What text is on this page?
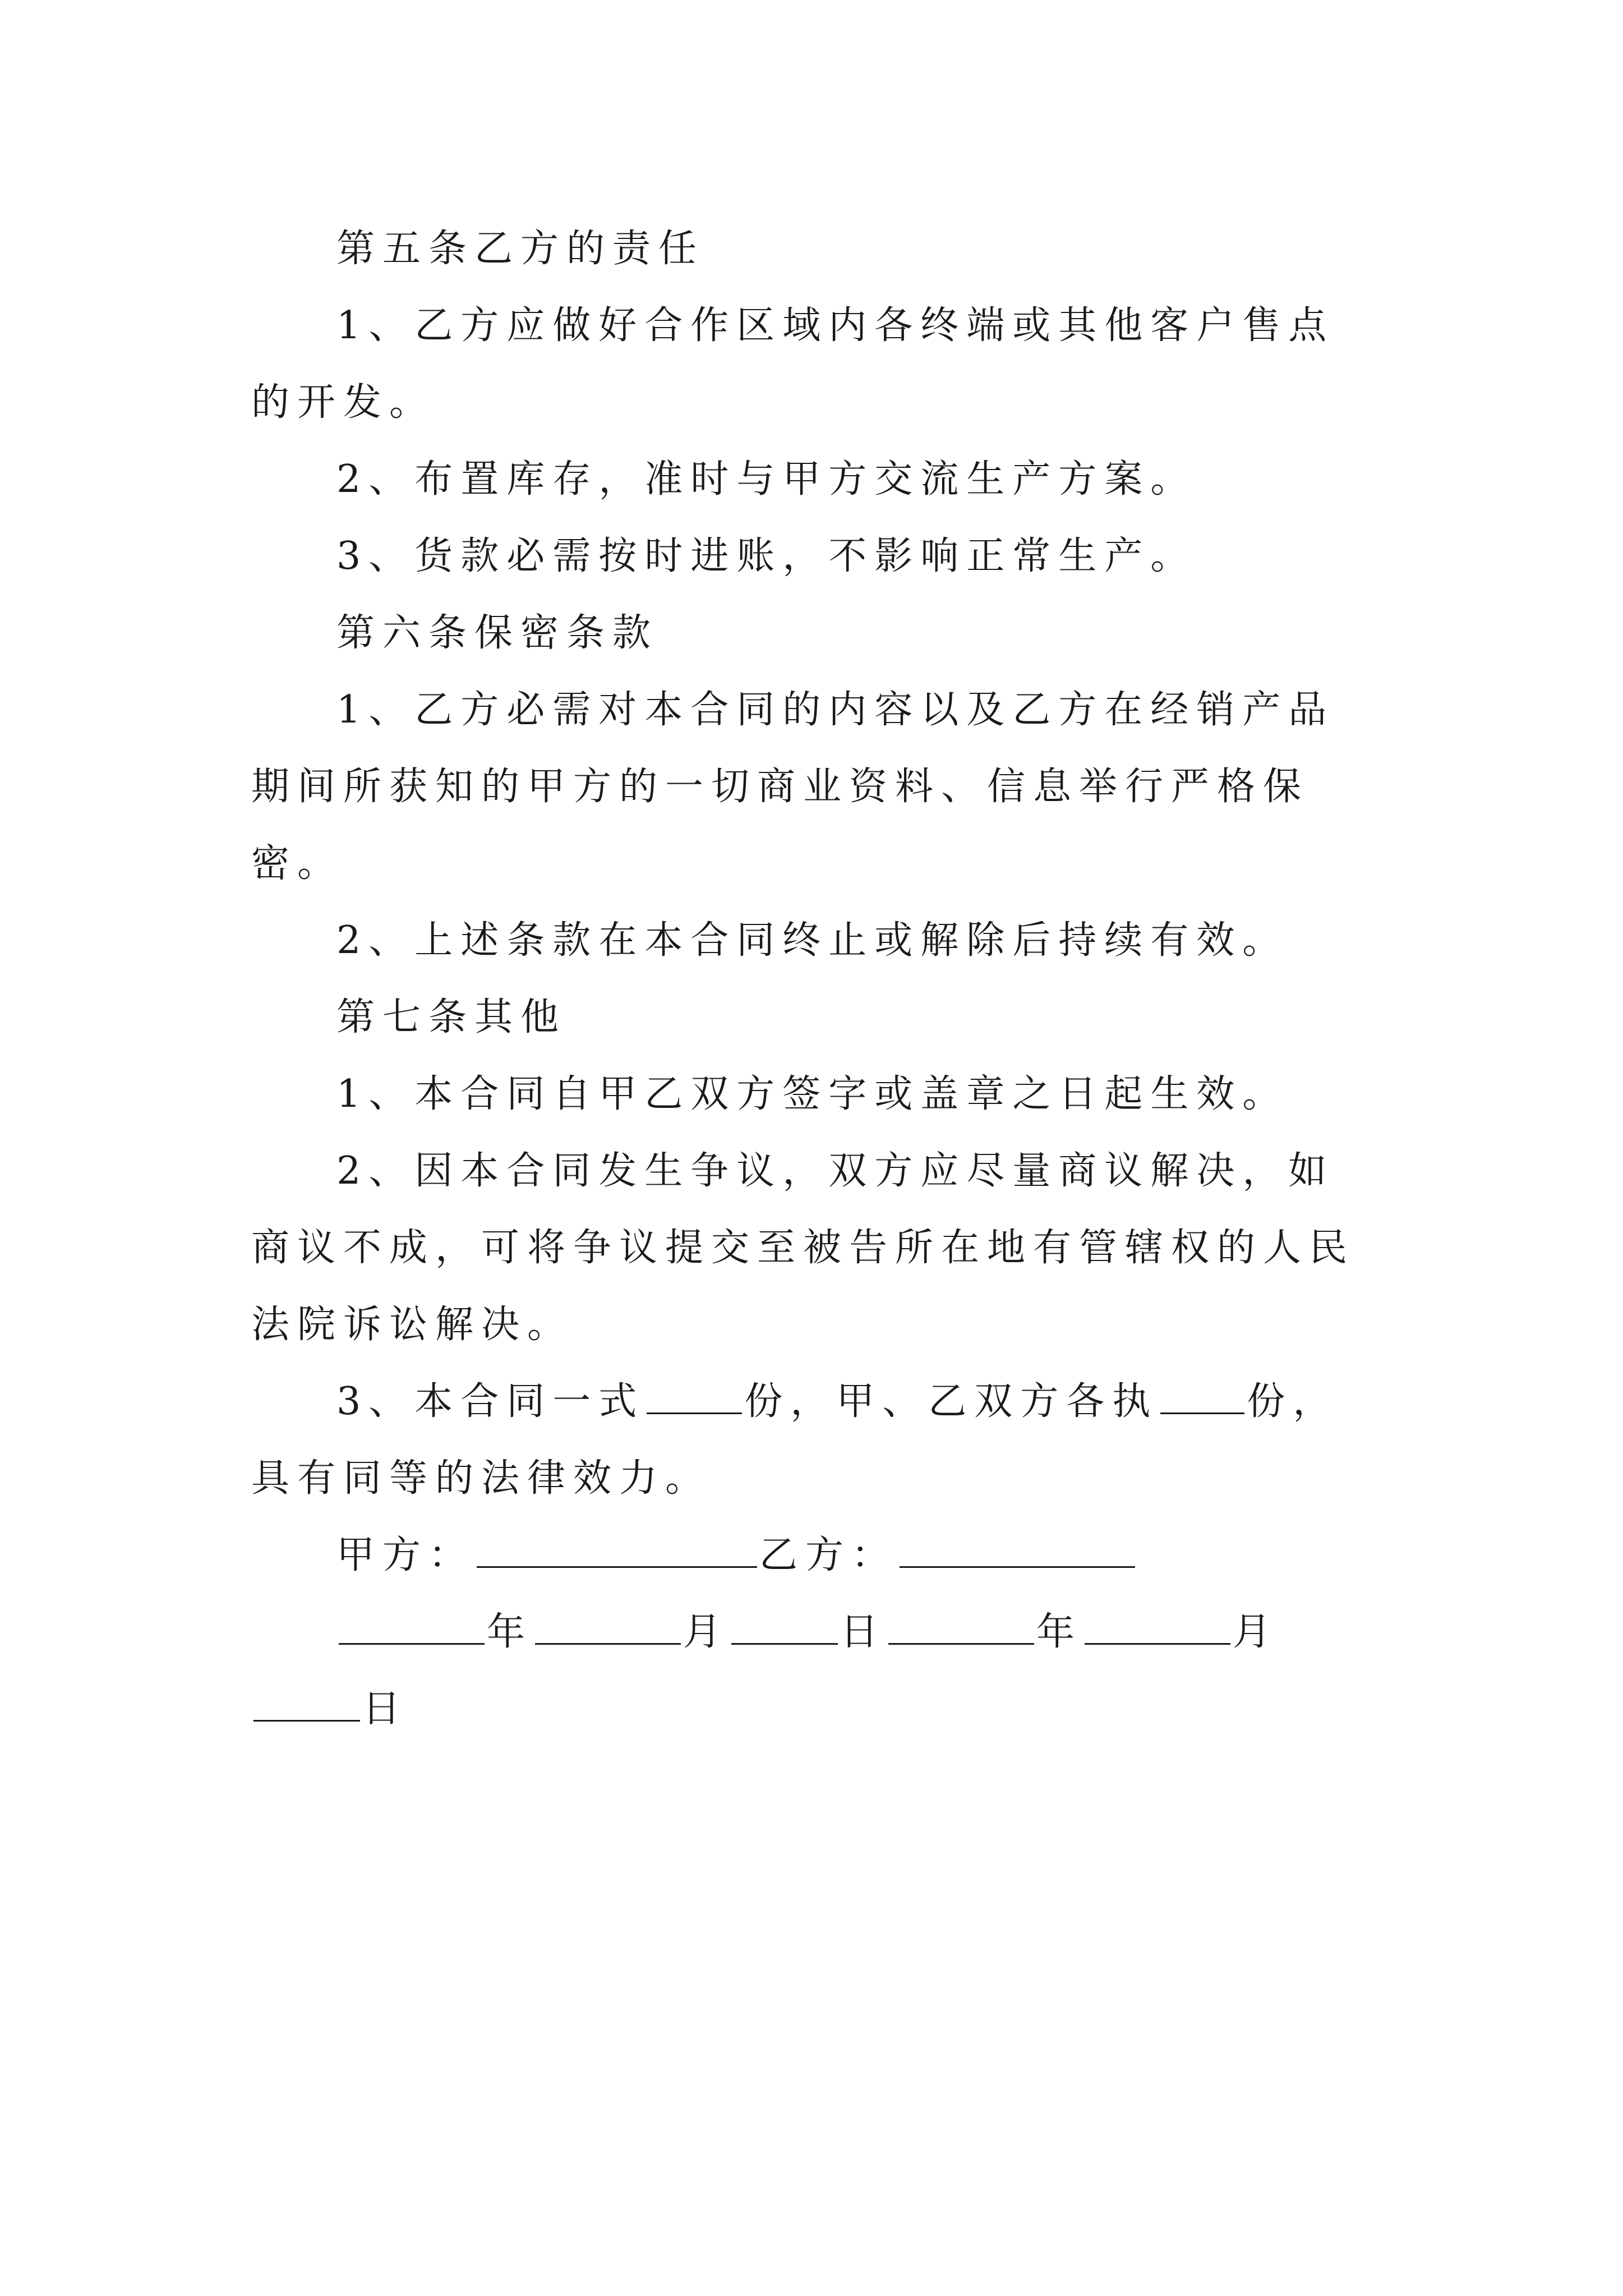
第五条乙方的责任

1、乙方应做好合作区域内各终端或其他客户售点的开发。

2、布置库存，准时与甲方交流生产方案。

3、货款必需按时进账，不影响正常生产。

第六条保密条款

1、乙方必需对本合同的内容以及乙方在经销产品期间所获知的甲方的一切商业资料、信息举行严格保密。

2、上述条款在本合同终止或解除后持续有效。

第七条其他

1、本合同自甲乙双方签字或盖章之日起生效。

2、因本合同发生争议，双方应尽量商议解决，如商议不成，可将争议提交至被告所在地有管辖权的人民法院诉讼解决。

3、本合同一式	份，甲、乙双方各执 份，具有同等的法律效力。

甲方：	乙方：

年	月	日	年	月日
